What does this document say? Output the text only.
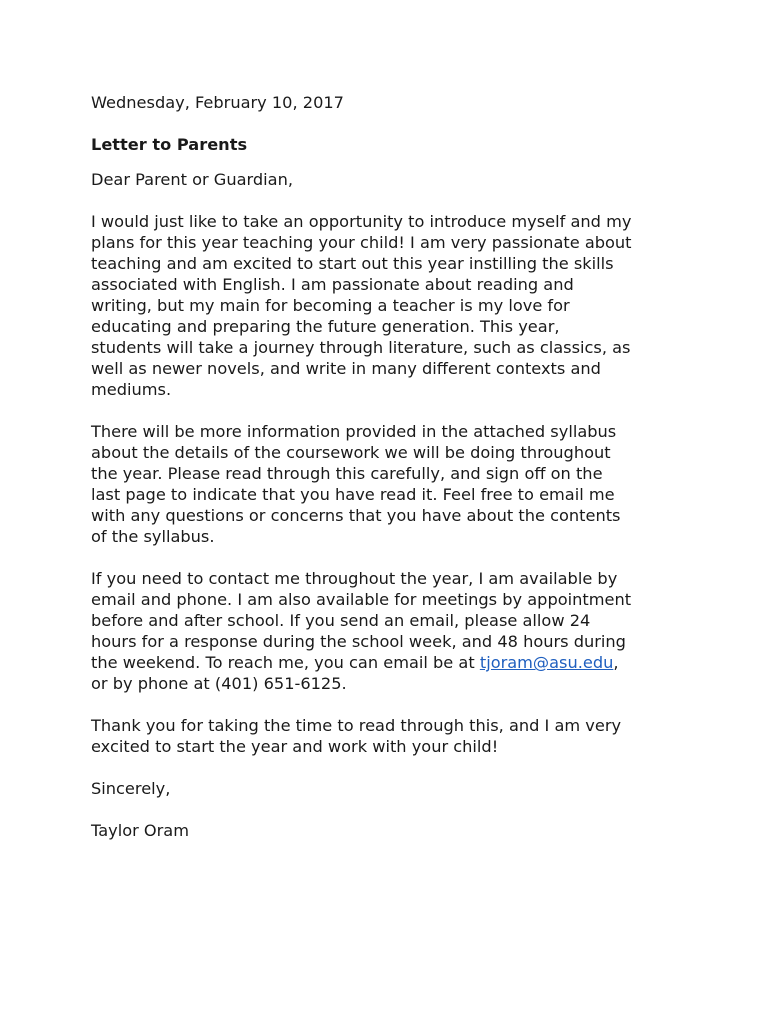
Wednesday, February 10, 2017

Letter to Parents

Dear Parent or Guardian,

I would just like to take an opportunity to introduce myself and my
plans for this year teaching your child! I am very passionate about
teaching and am excited to start out this year instilling the skills
associated with English. I am passionate about reading and
writing, but my main for becoming a teacher is my love for
educating and preparing the future generation. This year,
students will take a journey through literature, such as classics, as
well as newer novels, and write in many different contexts and
mediums.

There will be more information provided in the attached syllabus
about the details of the coursework we will be doing throughout
the year. Please read through this carefully, and sign off on the
last page to indicate that you have read it. Feel free to email me
with any questions or concerns that you have about the contents
of the syllabus.

If you need to contact me throughout the year, I am available by
email and phone. I am also available for meetings by appointment
before and after school. If you send an email, please allow 24
hours for a response during the school week, and 48 hours during
the weekend. To reach me, you can email be at tjoram@asu.edu,
or by phone at (401) 651-6125.

Thank you for taking the time to read through this, and I am very
excited to start the year and work with your child!

Sincerely,

Taylor Oram
